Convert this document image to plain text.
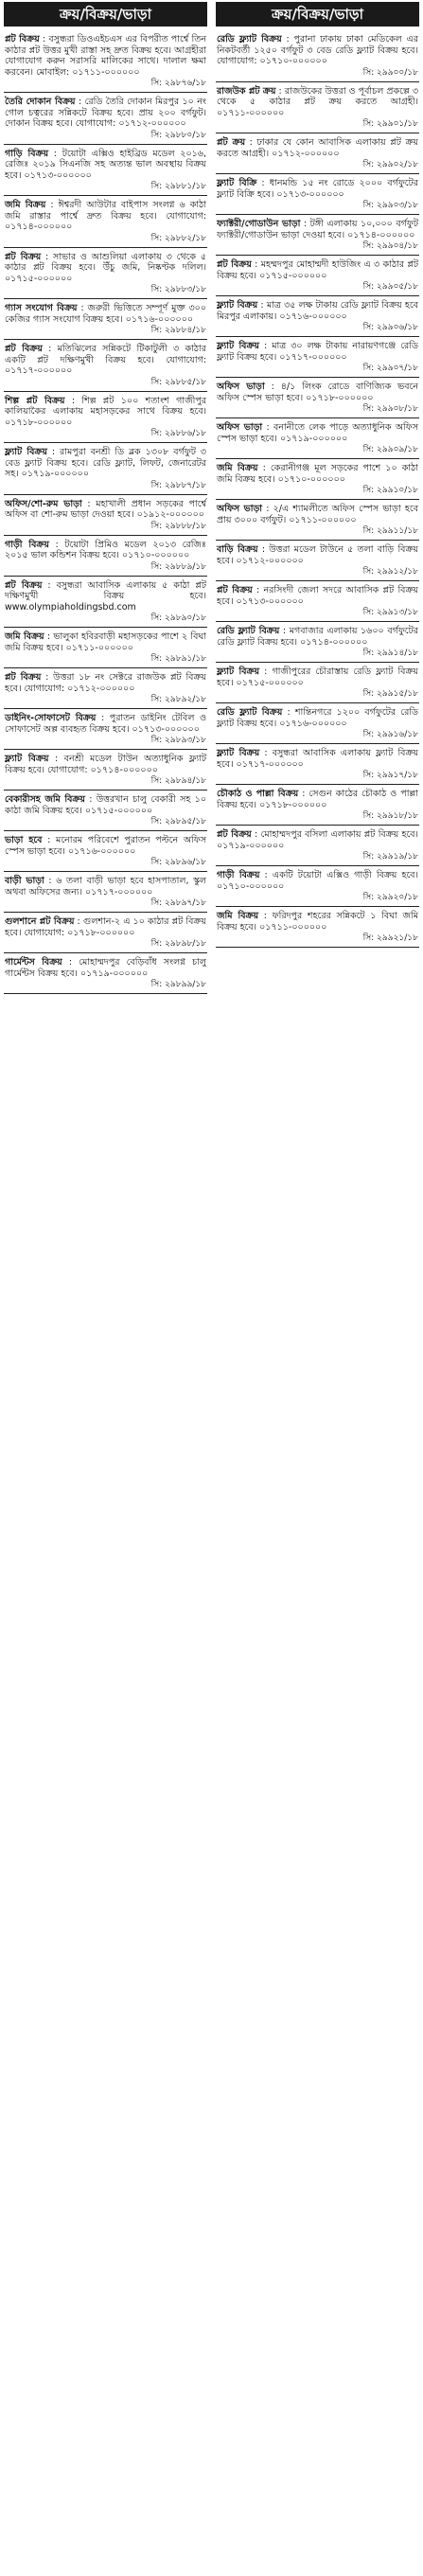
ক্রয়/বিক্রয়/ভাড়া
প্লট বিক্রয় : বসুন্ধরা ডিওএইচএস এর বিপরীত পার্শ্বে তিন কাঠার প্লট উত্তর মুখী রাস্তা সহ দ্রুত বিক্রয় হবে। আগ্রহীরা যোগাযোগ করুন সরাসরি মালিকের সাথে। দালাল ক্ষমা করবেন। মোবাইল: ০১৭১১-০০০০০০
সি: ২৯৮৭৬/১৮
তৈরি দোকান বিক্রয় : রেডি তৈরি দোকান মিরপুর ১০ নং গোল চত্বরের সন্নিকটে বিক্রয় হবে। প্রায় ২০০ বর্গফুট। দোকান বিক্রয় হবে। যোগাযোগ: ০১৭১২-০০০০০০
সি: ২৯৮৮০/১৮
গাড়ি বিক্রয় : টয়োটা এক্সিও হাইব্রিড মডেল ২০১৬, রেজিঃ ২০১৯ সিএনজি সহ অত্যন্ত ভাল অবস্থায় বিক্রয় হবে। ০১৭১৩-০০০০০০
সি: ২৯৮৮১/১৮
জমি বিক্রয় : ঈশ্বরদী আউটার বাইপাস সংলগ্ন ৬ কাঠা জমি রাস্তার পার্শ্বে দ্রুত বিক্রয় হবে। যোগাযোগ: ০১৭১৪-০০০০০০
সি: ২৯৮৮২/১৮
প্লট বিক্রয় : সাভার ও আশুলিয়া এলাকায় ৩ থেকে ৫ কাঠার প্লট বিক্রয় হবে। উঁচু জমি, নিষ্কণ্টক দলিল। ০১৭১৫-০০০০০০
সি: ২৯৮৮৩/১৮
গ্যাস সংযোগ বিক্রয় : জরুরী ভিত্তিতে সম্পূর্ণ মুক্ত ৩০০ কেজির গ্যাস সংযোগ বিক্রয় হবে। ০১৭১৬-০০০০০০
সি: ২৯৮৮৪/১৮
প্লট বিক্রয় : মতিঝিলের সন্নিকটে টিকাটুলী ৩ কাঠার একটি প্লট দক্ষিণমুখী বিক্রয় হবে। যোগাযোগ: ০১৭১৭-০০০০০০
সি: ২৯৮৮৫/১৮
শিল্প প্লট বিক্রয় : শিল্প প্লট ১০০ শতাংশ গাজীপুর কালিয়াকৈর এলাকায় মহাসড়কের সাথে বিক্রয় হবে। ০১৭১৮-০০০০০০
সি: ২৯৮৮৬/১৮
ফ্ল্যাট বিক্রয় : রামপুরা বনশ্রী ডি ব্লক ১৩০৮ বর্গফুট ৩ বেড ফ্ল্যাট বিক্রয় হবে। রেডি ফ্ল্যাট, লিফট, জেনারেটর সহ। ০১৭১৯-০০০০০০
সি: ২৯৮৮৭/১৮
অফিস/শো-রুম ভাড়া : মহাখালী প্রধান সড়কের পার্শ্বে অফিস বা শো-রুম ভাড়া দেওয়া হবে। ০১৯১২-০০০০০০
সি: ২৯৮৮৮/১৮
গাড়ী বিক্রয় : টয়োটা প্রিমিও মডেল ২০১৩ রেজিঃ ২০১৫ ভাল কন্ডিশন বিক্রয় হবে। ০১৭১০-০০০০০০
সি: ২৯৮৮৯/১৮
প্লট বিক্রয় : বসুন্ধরা আবাসিক এলাকায় ৫ কাঠা প্লট দক্ষিণমুখী বিক্রয় হবে। www.olympiaholdingsbd.com
সি: ২৯৮৯০/১৮
জমি বিক্রয় : ভালুকা হবিরবাড়ী মহাসড়কের পাশে ২ বিঘা জমি বিক্রয় হবে। ০১৭১১-০০০০০০
সি: ২৯৮৯১/১৮
প্লট বিক্রয় : উত্তরা ১৮ নং সেক্টরে রাজউক প্লট বিক্রয় হবে। যোগাযোগ: ০১৭১২-০০০০০০
সি: ২৯৮৯২/১৮
ডাইনিং-সোফাসেট বিক্রয় : পুরাতন ডাইনিং টেবিল ও সোফাসেট অল্প ব্যবহৃত বিক্রয় হবে। ০১৭১৩-০০০০০০
সি: ২৯৮৯৩/১৮
ফ্ল্যাট বিক্রয় : বনশ্রী মডেল টাউন অত্যাধুনিক ফ্ল্যাট বিক্রয় হবে। যোগাযোগ: ০১৭১৪-০০০০০০
সি: ২৯৮৯৪/১৮
বেকারীসহ জমি বিক্রয় : উত্তরখান চালু বেকারী সহ ১০ কাঠা জমি বিক্রয় হবে। ০১৭১৫-০০০০০০
সি: ২৯৮৯৫/১৮
ভাড়া হবে : মনোরম পরিবেশে পুরাতন পল্টনে অফিস স্পেস ভাড়া হবে। ০১৭১৬-০০০০০০
সি: ২৯৮৯৬/১৮
বাড়ী ভাড়া : ৬ তলা বাড়ী ভাড়া হবে হাসপাতাল, স্কুল অথবা অফিসের জন্য। ০১৭১৭-০০০০০০
সি: ২৯৮৯৭/১৮
গুলশানে প্লট বিক্রয় : গুলশান-২ এ ১০ কাঠার প্লট বিক্রয় হবে। যোগাযোগ: ০১৭১৮-০০০০০০
সি: ২৯৮৯৮/১৮
গার্মেন্টস বিক্রয় : মোহাম্মদপুর বেড়িবাঁধ সংলগ্ন চালু গার্মেন্টস বিক্রয় হবে। ০১৭১৯-০০০০০০
সি: ২৯৮৯৯/১৮
ক্রয়/বিক্রয়/ভাড়া
রেডি ফ্ল্যাট বিক্রয় : পুরানা ঢাকায় ঢাকা মেডিকেল এর নিকটবর্তী ১২৫০ বর্গফুট ৩ বেড রেডি ফ্ল্যাট বিক্রয় হবে। যোগাযোগ: ০১৭১০-০০০০০০
সি: ২৯৯০০/১৮
রাজউক প্লট ক্রয় : রাজউকের উত্তরা ও পূর্বাচল প্রকল্পে ৩ থেকে ৫ কাঠার প্লট ক্রয় করতে আগ্রহী। ০১৭১১-০০০০০০
সি: ২৯৯০১/১৮
প্লট ক্রয় : ঢাকার যে কোন আবাসিক এলাকায় প্লট ক্রয় করতে আগ্রহী। ০১৭১২-০০০০০০
সি: ২৯৯০২/১৮
ফ্ল্যাট বিক্রি : ধানমন্ডি ১৫ নং রোডে ২০০০ বর্গফুটের ফ্ল্যাট বিক্রি হবে। ০১৭১৩-০০০০০০
সি: ২৯৯০৩/১৮
ফ্যাক্টরী/গোডাউন ভাড়া : টঙ্গী এলাকায় ১০,০০০ বর্গফুট ফ্যাক্টরী/গোডাউন ভাড়া দেওয়া হবে। ০১৭১৪-০০০০০০
সি: ২৯৯০৪/১৮
প্লট বিক্রয় : মহম্মদপুর মোহাম্মদী হাউজিং এ ৩ কাঠার প্লট বিক্রয় হবে। ০১৭১৫-০০০০০০
সি: ২৯৯০৫/১৮
ফ্ল্যাট বিক্রয় : মাত্র ৩৫ লক্ষ টাকায় রেডি ফ্ল্যাট বিক্রয় হবে মিরপুর এলাকায়। ০১৭১৬-০০০০০০
সি: ২৯৯০৬/১৮
ফ্ল্যাট বিক্রয় : মাত্র ৩০ লক্ষ টাকায় নারায়ণগঞ্জে রেডি ফ্ল্যাট বিক্রয় হবে। ০১৭১৭-০০০০০০
সি: ২৯৯০৭/১৮
অফিস ভাড়া : ৪/১ লিংক রোডে বাণিজ্যিক ভবনে অফিস স্পেস ভাড়া হবে। ০১৭১৮-০০০০০০
সি: ২৯৯০৮/১৮
অফিস ভাড়া : বনানীতে লেক পাড়ে অত্যাধুনিক অফিস স্পেস ভাড়া হবে। ০১৭১৯-০০০০০০
সি: ২৯৯০৯/১৮
জমি বিক্রয় : কেরানীগঞ্জ মূল সড়কের পাশে ১০ কাঠা জমি বিক্রয় হবে। ০১৭১০-০০০০০০
সি: ২৯৯১০/১৮
অফিস ভাড়া : ২/এ শ্যামলীতে অফিস স্পেস ভাড়া হবে প্রায় ৩০০০ বর্গফুট। ০১৭১১-০০০০০০
সি: ২৯৯১১/১৮
বাড়ি বিক্রয় : উত্তরা মডেল টাউনে ৫ তলা বাড়ি বিক্রয় হবে। ০১৭১২-০০০০০০
সি: ২৯৯১২/১৮
প্লট বিক্রয় : নরসিংদী জেলা সদরে আবাসিক প্লট বিক্রয় হবে। ০১৭১৩-০০০০০০
সি: ২৯৯১৩/১৮
রেডি ফ্ল্যাট বিক্রয় : মগবাজার এলাকায় ১৬০০ বর্গফুটের রেডি ফ্ল্যাট বিক্রয় হবে। ০১৭১৪-০০০০০০
সি: ২৯৯১৪/১৮
ফ্ল্যাট বিক্রয় : গাজীপুরের চৌরাস্তায় রেডি ফ্ল্যাট বিক্রয় হবে। ০১৭১৫-০০০০০০
সি: ২৯৯১৫/১৮
রেডি ফ্ল্যাট বিক্রয় : শান্তিনগরে ১২০০ বর্গফুটের রেডি ফ্ল্যাট বিক্রয় হবে। ০১৭১৬-০০০০০০
সি: ২৯৯১৬/১৮
ফ্ল্যাট বিক্রয় : বসুন্ধরা আবাসিক এলাকায় ফ্ল্যাট বিক্রয় হবে। ০১৭১৭-০০০০০০
সি: ২৯৯১৭/১৮
চৌকাঠ ও পাল্লা বিক্রয় : সেগুন কাঠের চৌকাঠ ও পাল্লা বিক্রয় হবে। ০১৭১৮-০০০০০০
সি: ২৯৯১৮/১৮
প্লট বিক্রয় : মোহাম্মদপুর বসিলা এলাকায় প্লট বিক্রয় হবে। ০১৭১৯-০০০০০০
সি: ২৯৯১৯/১৮
গাড়ী বিক্রয় : একটি টয়োটা এক্সিও গাড়ী বিক্রয় হবে। ০১৭১০-০০০০০০
সি: ২৯৯২০/১৮
জমি বিক্রয় : ফরিদপুর শহরের সন্নিকটে ১ বিঘা জমি বিক্রয় হবে। ০১৭১১-০০০০০০
সি: ২৯৯২১/১৮
